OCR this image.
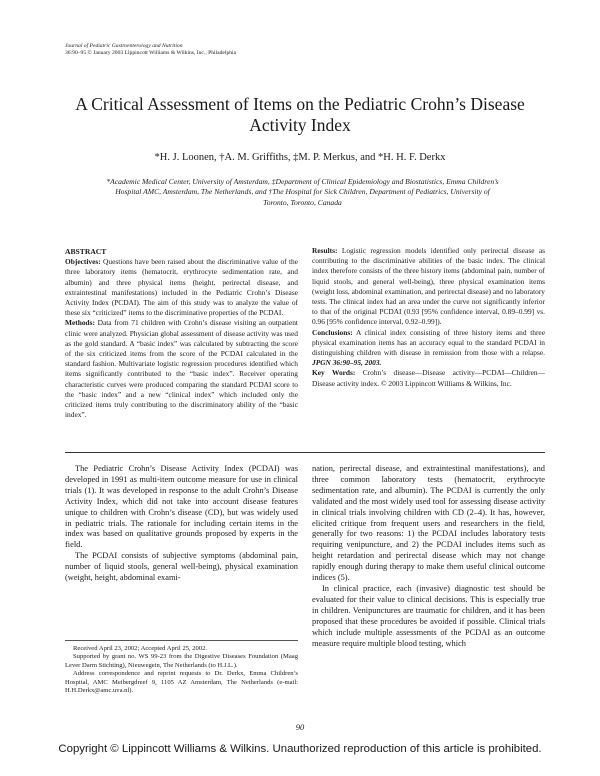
Journal of Pediatric Gastroenterology and Nutrition
36:90–95 © January 2003 Lippincott Williams & Wilkins, Inc., Philadelphia
A Critical Assessment of Items on the Pediatric Crohn’s Disease
Activity Index
*H. J. Loonen, †A. M. Griffiths, ‡M. P. Merkus, and *H. H. F. Derkx
*Academic Medical Center, University of Amsterdam, ‡Department of Clinical Epidemiology and Biostatistics, Emma Children’s
Hospital AMC, Amsterdam, The Netherlands, and †The Hospital for Sick Children, Department of Pediatrics, University of
Toronto, Toronto, Canada

ABSTRACT

Objectives: Questions have been raised about the discriminative value of the three laboratory items (hematocrit, erythrocyte sedimentation rate, and albumin) and three physical items (height, perirectal disease, and extraintestinal manifestations) included in the Pediatric Crohn’s Disease Activity Index (PCDAI). The aim of this study was to analyze the value of these six “criticized” items to the discriminative properties of the PCDAI.

Methods: Data from 71 children with Crohn’s disease visiting an outpatient clinic were analyzed. Physician global assessment of disease activity was used as the gold standard. A “basic index” was calculated by subtracting the score of the six criticized items from the score of the PCDAI calculated in the standard fashion. Multivariate logistic regression procedures identified which items significantly contributed to the “basic index”. Receiver operating characteristic curves were produced comparing the standard PCDAI score to the “basic index” and a new “clinical index” which included only the criticized items truly contributing to the discriminatory ability of the “basic index”.

Results: Logistic regression models identified only perirectal disease as contributing to the discriminative abilities of the basic index. The clinical index therefore consists of the three history items (abdominal pain, number of liquid stools, and general well-being), three physical examination items (weight loss, abdominal examination, and perirectal disease) and no laboratory tests. The clinical index had an area under the curve not significantly inferior to that of the original PCDAI (0.93 [95% confidence interval, 0.89–0.99] vs. 0.96 [95% confidence interval, 0.92–0.99]).

Conclusions: A clinical index consisting of three history items and three physical examination items has an accuracy equal to the standard PCDAI in distinguishing children with disease in remission from those with a relapse. JPGN 36:90–95, 2003.

Key Words: Crohn’s disease—Disease activity—PCDAI—Children—Disease activity index. © 2003 Lippincott Williams & Wilkins, Inc.

The Pediatric Crohn’s Disease Activity Index (PCDAI) was developed in 1991 as multi-item outcome measure for use in clinical trials (1). It was developed in response to the adult Crohn’s Disease Activity Index, which did not take into account disease features unique to children with Crohn’s disease (CD), but was widely used in pediatric trials. The rationale for including certain items in the index was based on qualitative grounds proposed by experts in the field.

The PCDAI consists of subjective symptoms (abdominal pain, number of liquid stools, general well-being), physical examination (weight, height, abdominal exami-

nation, perirectal disease, and extraintestinal manifestations), and three common laboratory tests (hematocrit, erythrocyte sedimentation rate, and albumin). The PCDAI is currently the only validated and the most widely used tool for assessing disease activity in clinical trials involving children with CD (2–4). It has, however, elicited critique from frequent users and researchers in the field, generally for two reasons: 1) the PCDAI includes laboratory tests requiring venipuncture, and 2) the PCDAI includes items such as height retardation and perirectal disease which may not change rapidly enough during therapy to make them useful clinical outcome indices (5).

In clinical practice, each (invasive) diagnostic test should be evaluated for their value to clinical decisions. This is especially true in children. Venipunctures are traumatic for children, and it has been proposed that these procedures be avoided if possible. Clinical trials which include multiple assessments of the PCDAI as an outcome measure require multiple blood testing, which

Received April 23, 2002; Accepted April 25, 2002.

Supported by grant no. WS 99-23 from the Digestive Diseases Foundation (Maag Lever Darm Stichting), Nieuwegein, The Netherlands (to H.J.L.).

Address correspondence and reprint requests to Dr. Derkx, Emma Children’s Hospital, AMC Meibergdreef 9, 1105 AZ Amsterdam, The Netherlands (e-mail: H.H.Derkx@amc.uva.nl).

90
Copyright © Lippincott Williams & Wilkins. Unauthorized reproduction of this article is prohibited.
